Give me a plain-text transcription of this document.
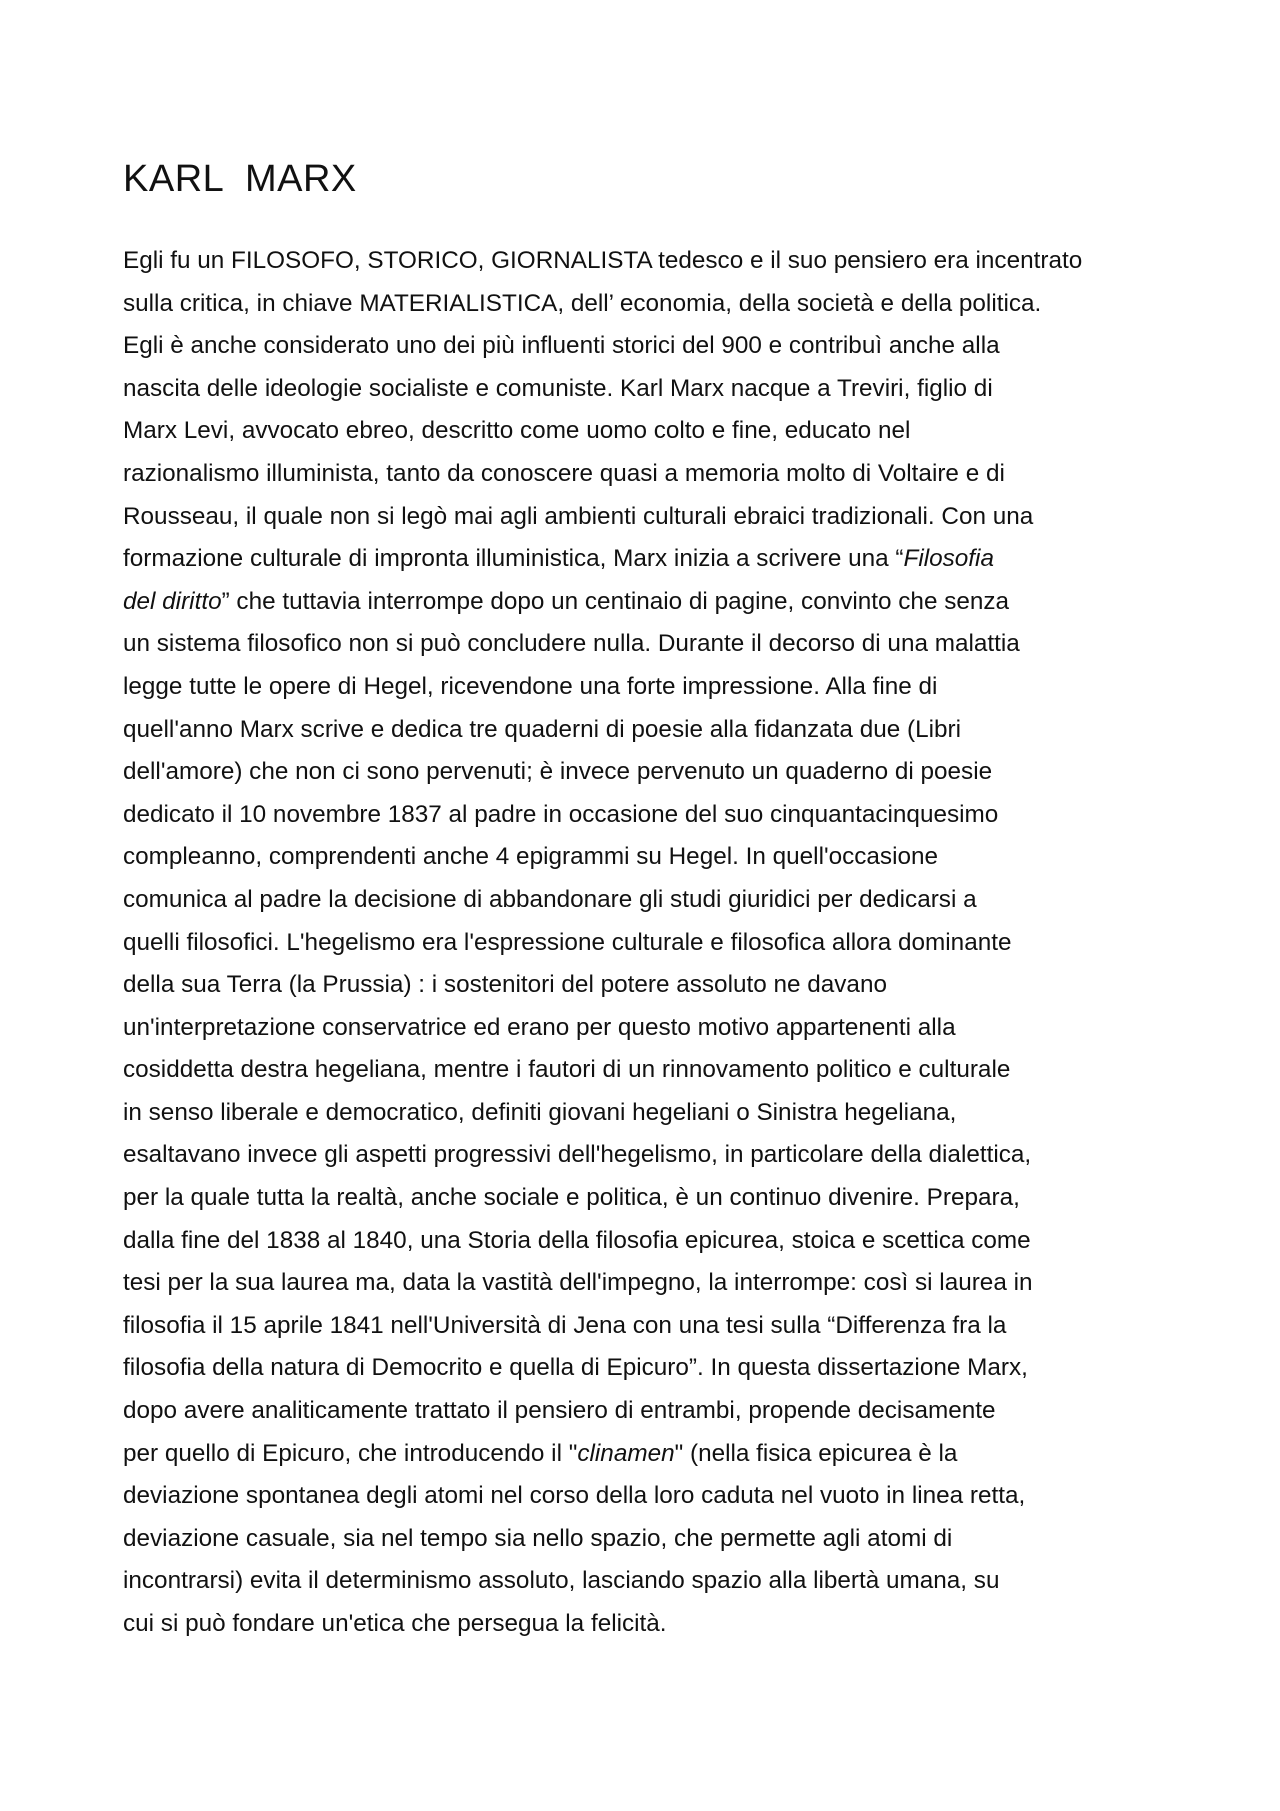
KARL  MARX
Egli fu un FILOSOFO, STORICO, GIORNALISTA tedesco e il suo pensiero era incentrato
sulla critica, in chiave MATERIALISTICA, dell’ economia, della società e della politica.
Egli è anche considerato uno dei più influenti storici del 900 e contribuì anche alla
nascita delle ideologie socialiste e comuniste. Karl Marx nacque a Treviri, figlio di
Marx Levi, avvocato ebreo, descritto come uomo colto e fine, educato nel
razionalismo illuminista, tanto da conoscere quasi a memoria molto di Voltaire e di
Rousseau, il quale non si legò mai agli ambienti culturali ebraici tradizionali. Con una
formazione culturale di impronta illuministica, Marx inizia a scrivere una “Filosofia
del diritto” che tuttavia interrompe dopo un centinaio di pagine, convinto che senza
un sistema filosofico non si può concludere nulla. Durante il decorso di una malattia
legge tutte le opere di Hegel, ricevendone una forte impressione. Alla fine di
quell'anno Marx scrive e dedica tre quaderni di poesie alla fidanzata due (Libri
dell'amore) che non ci sono pervenuti; è invece pervenuto un quaderno di poesie
dedicato il 10 novembre 1837 al padre in occasione del suo cinquantacinquesimo
compleanno, comprendenti anche 4 epigrammi su Hegel. In quell'occasione
comunica al padre la decisione di abbandonare gli studi giuridici per dedicarsi a
quelli filosofici. L'hegelismo era l'espressione culturale e filosofica allora dominante
della sua Terra (la Prussia) : i sostenitori del potere assoluto ne davano
un'interpretazione conservatrice ed erano per questo motivo appartenenti alla
cosiddetta destra hegeliana, mentre i fautori di un rinnovamento politico e culturale
in senso liberale e democratico, definiti giovani hegeliani o Sinistra hegeliana,
esaltavano invece gli aspetti progressivi dell'hegelismo, in particolare della dialettica,
per la quale tutta la realtà, anche sociale e politica, è un continuo divenire. Prepara,
dalla fine del 1838 al 1840, una Storia della filosofia epicurea, stoica e scettica come
tesi per la sua laurea ma, data la vastità dell'impegno, la interrompe: così si laurea in
filosofia il 15 aprile 1841 nell'Università di Jena con una tesi sulla “Differenza fra la
filosofia della natura di Democrito e quella di Epicuro”. In questa dissertazione Marx,
dopo avere analiticamente trattato il pensiero di entrambi, propende decisamente
per quello di Epicuro, che introducendo il "clinamen" (nella fisica epicurea è la
deviazione spontanea degli atomi nel corso della loro caduta nel vuoto in linea retta,
deviazione casuale, sia nel tempo sia nello spazio, che permette agli atomi di
incontrarsi) evita il determinismo assoluto, lasciando spazio alla libertà umana, su
cui si può fondare un'etica che persegua la felicità.
